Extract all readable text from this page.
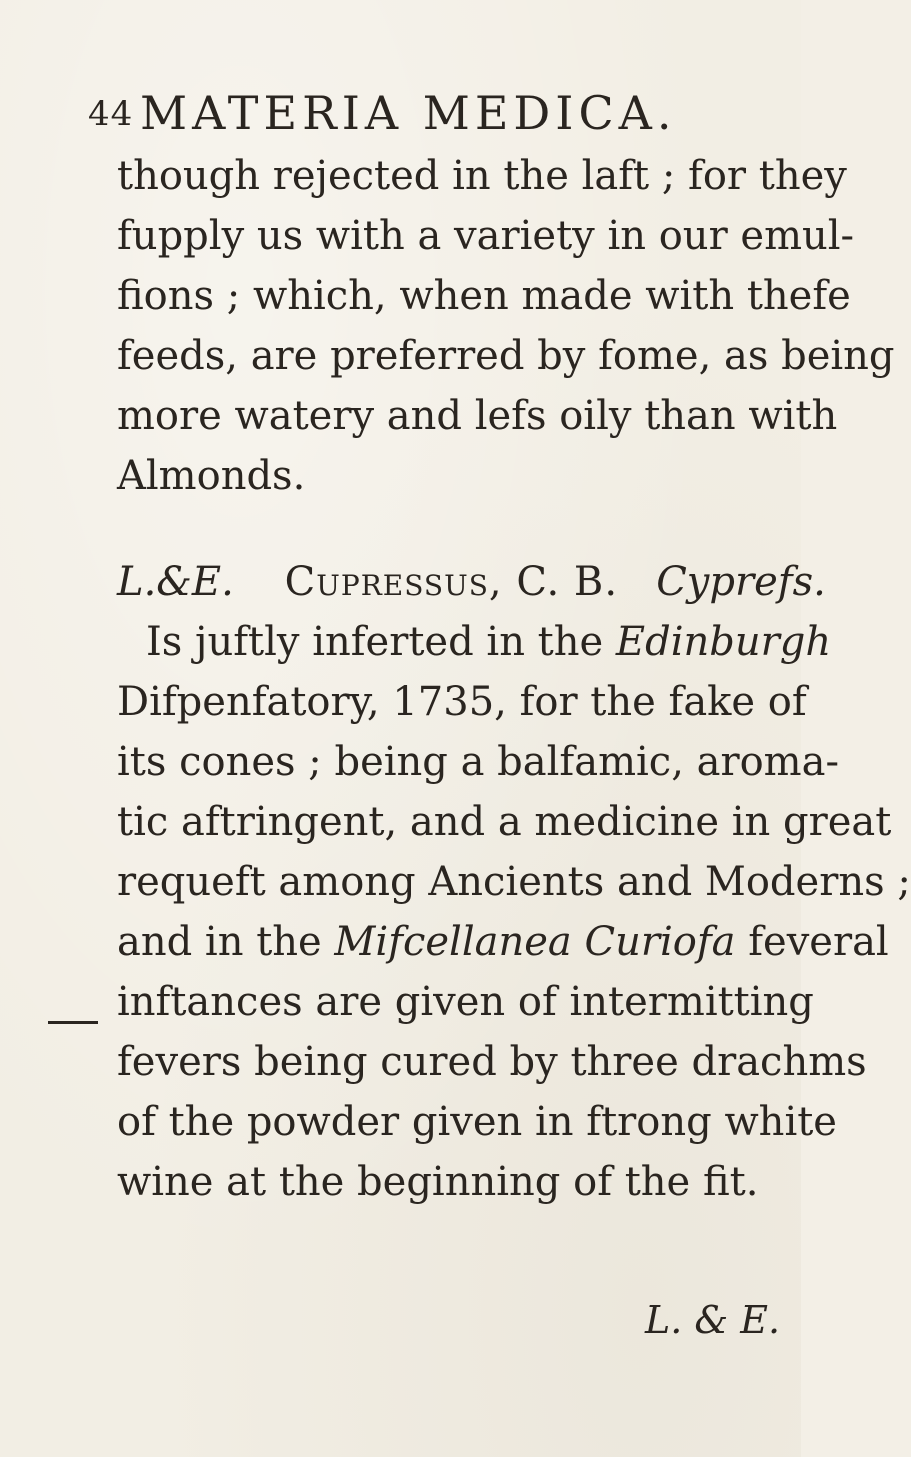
44 MATERIA MEDICA.
though rejected in the laft ; for they
fupply us with a variety in our emul-
fions ; which, when made with thefe
feeds, are preferred by fome, as being
more watery and lefs oily than with
Almonds.
L.&E. Cupressus, C. B. Cyprefs.
Is juftly inferted in the Edinburgh
Difpenfatory, 1735, for the fake of
its cones ; being a balfamic, aroma-
tic aftringent, and a medicine in great
requeft among Ancients and Moderns ;
and in the Mifcellanea Curiofa feveral
inftances are given of intermitting
fevers being cured by three drachms
of the powder given in ftrong white
wine at the beginning of the fit.
L. & E.
